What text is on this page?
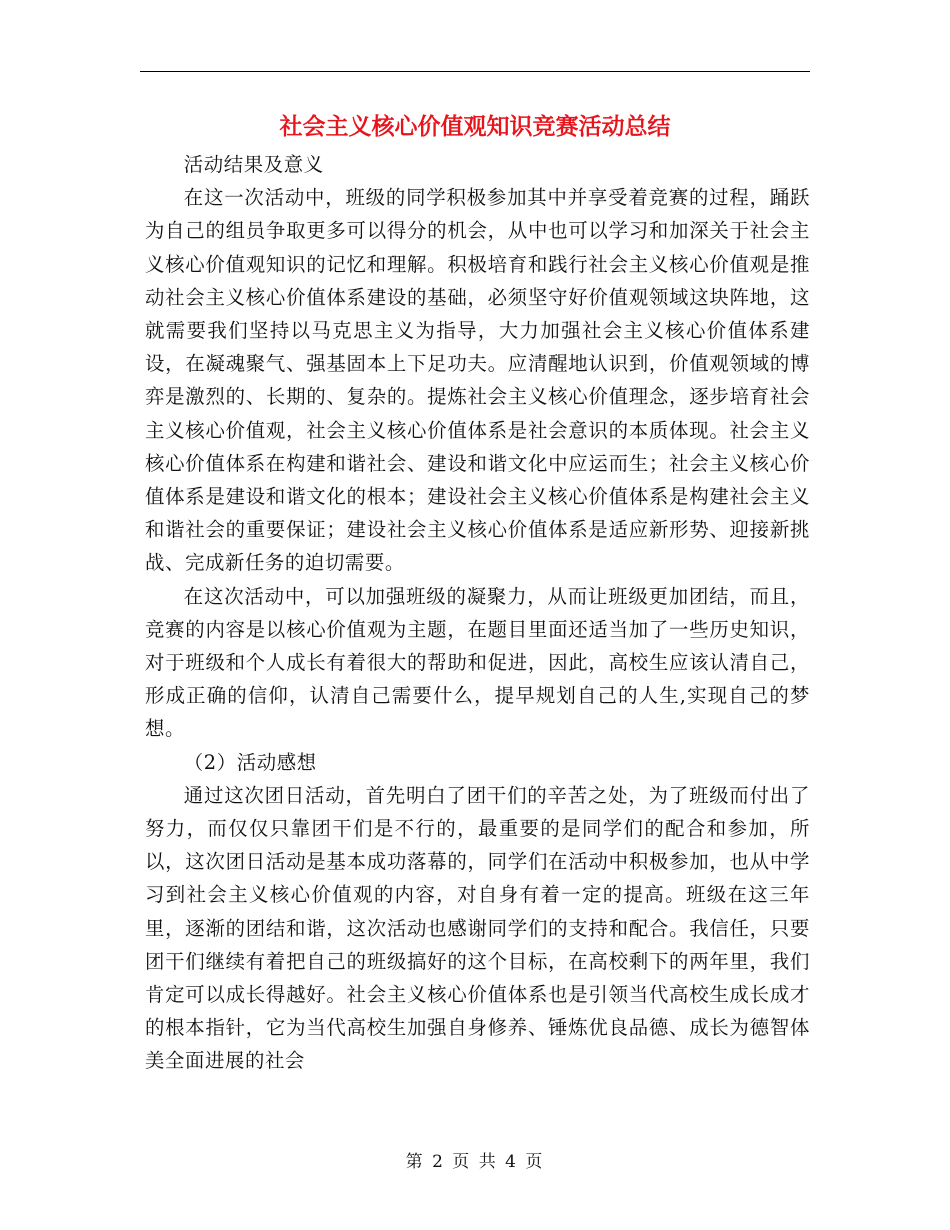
社会主义核心价值观知识竞赛活动总结

活动结果及意义

在这一次活动中，班级的同学积极参加其中并享受着竞赛的过程，踊跃为自己的组员争取更多可以得分的机会，从中也可以学习和加深关于社会主义核心价值观知识的记忆和理解。积极培育和践行社会主义核心价值观是推动社会主义核心价值体系建设的基础，必须坚守好价值观领域这块阵地，这就需要我们坚持以马克思主义为指导，大力加强社会主义核心价值体系建设，在凝魂聚气、强基固本上下足功夫。应清醒地认识到，价值观领域的博弈是激烈的、长期的、复杂的。提炼社会主义核心价值理念，逐步培育社会主义核心价值观，社会主义核心价值体系是社会意识的本质体现。社会主义核心价值体系在构建和谐社会、建设和谐文化中应运而生；社会主义核心价值体系是建设和谐文化的根本；建设社会主义核心价值体系是构建社会主义和谐社会的重要保证；建设社会主义核心价值体系是适应新形势、迎接新挑战、完成新任务的迫切需要。

在这次活动中，可以加强班级的凝聚力，从而让班级更加团结，而且，竞赛的内容是以核心价值观为主题，在题目里面还适当加了一些历史知识，对于班级和个人成长有着很大的帮助和促进，因此，高校生应该认清自己，形成正确的信仰，认清自己需要什么，提早规划自己的人生,实现自己的梦想。

（2）活动感想

通过这次团日活动，首先明白了团干们的辛苦之处，为了班级而付出了努力，而仅仅只靠团干们是不行的，最重要的是同学们的配合和参加，所以，这次团日活动是基本成功落幕的，同学们在活动中积极参加，也从中学习到社会主义核心价值观的内容，对自身有着一定的提高。班级在这三年里，逐渐的团结和谐，这次活动也感谢同学们的支持和配合。我信任，只要团干们继续有着把自己的班级搞好的这个目标，在高校剩下的两年里，我们肯定可以成长得越好。社会主义核心价值体系也是引领当代高校生成长成才的根本指针，它为当代高校生加强自身修养、锤炼优良品德、成长为德智体美全面进展的社会

第 2 页 共 4 页
